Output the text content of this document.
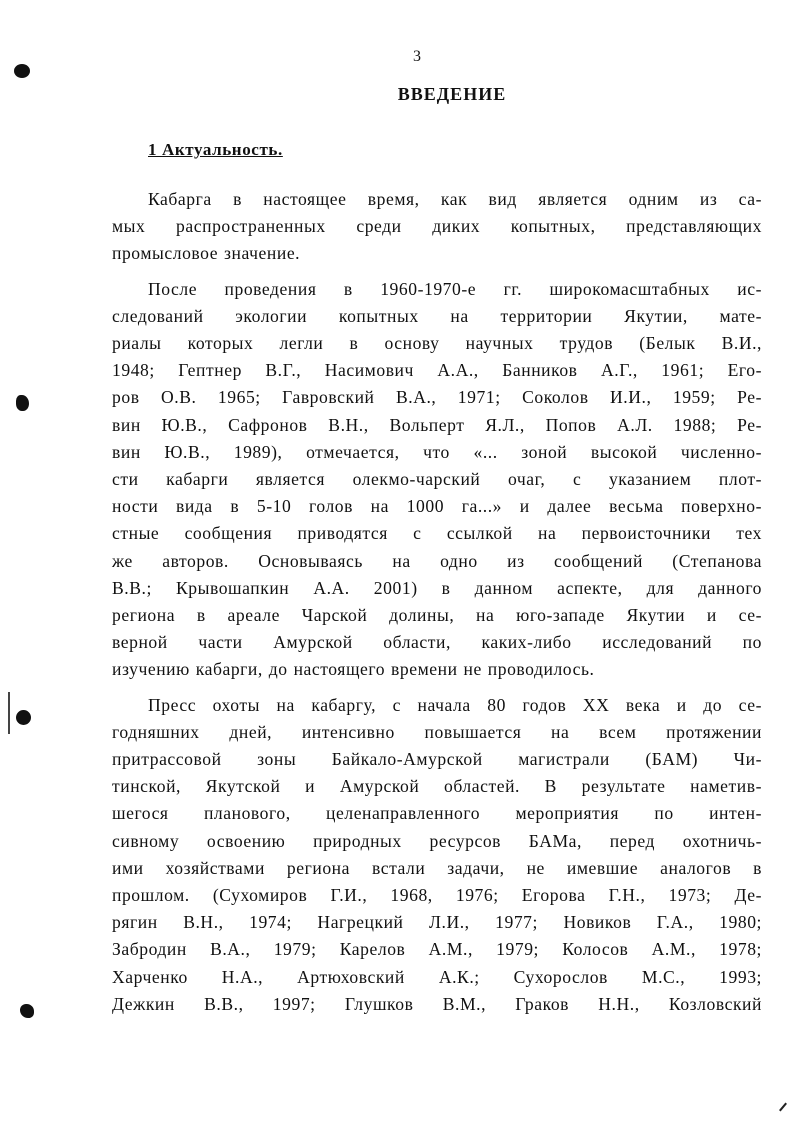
3
ВВЕДЕНИЕ
1 Актуальность.
Кабарга в настоящее время, как вид является одним из са-
мых распространенных среди диких копытных, представляющих
промысловое значение.
После проведения в 1960-1970-е гг. широкомасштабных ис-
следований экологии копытных на территории Якутии, мате-
риалы которых легли в основу научных трудов (Белык В.И.,
1948; Гептнер В.Г., Насимович А.А., Банников А.Г., 1961; Его-
ров О.В. 1965; Гавровский В.А., 1971; Соколов И.И., 1959; Ре-
вин Ю.В., Сафронов В.Н., Вольперт Я.Л., Попов А.Л. 1988; Ре-
вин Ю.В., 1989), отмечается, что «... зоной высокой численно-
сти кабарги является олекмо-чарский очаг, с указанием плот-
ности вида в 5-10 голов на 1000 га...» и далее весьма поверхно-
стные сообщения приводятся с ссылкой на первоисточники тех
же авторов. Основываясь на одно из сообщений (Степанова
В.В.; Крывошапкин А.А. 2001) в данном аспекте, для данного
региона в ареале Чарской долины, на юго-западе Якутии и се-
верной части Амурской области, каких-либо исследований по
изучению кабарги, до настоящего времени не проводилось.
Пресс охоты на кабаргу, с начала 80 годов XX века и до се-
годняшних дней, интенсивно повышается на всем протяжении
притрассовой зоны Байкало-Амурской магистрали (БАМ) Чи-
тинской, Якутской и Амурской областей. В результате наметив-
шегося планового, целенаправленного мероприятия по интен-
сивному освоению природных ресурсов БАМа, перед охотничь-
ими хозяйствами региона встали задачи, не имевшие аналогов в
прошлом. (Сухомиров Г.И., 1968, 1976; Егорова Г.Н., 1973; Де-
рягин В.Н., 1974; Нагрецкий Л.И., 1977; Новиков Г.А., 1980;
Забродин В.А., 1979; Карелов А.М., 1979; Колосов А.М., 1978;
Харченко Н.А., Артюховский А.К.; Сухорослов М.С., 1993;
Дежкин В.В., 1997; Глушков В.М., Граков Н.Н., Козловский
